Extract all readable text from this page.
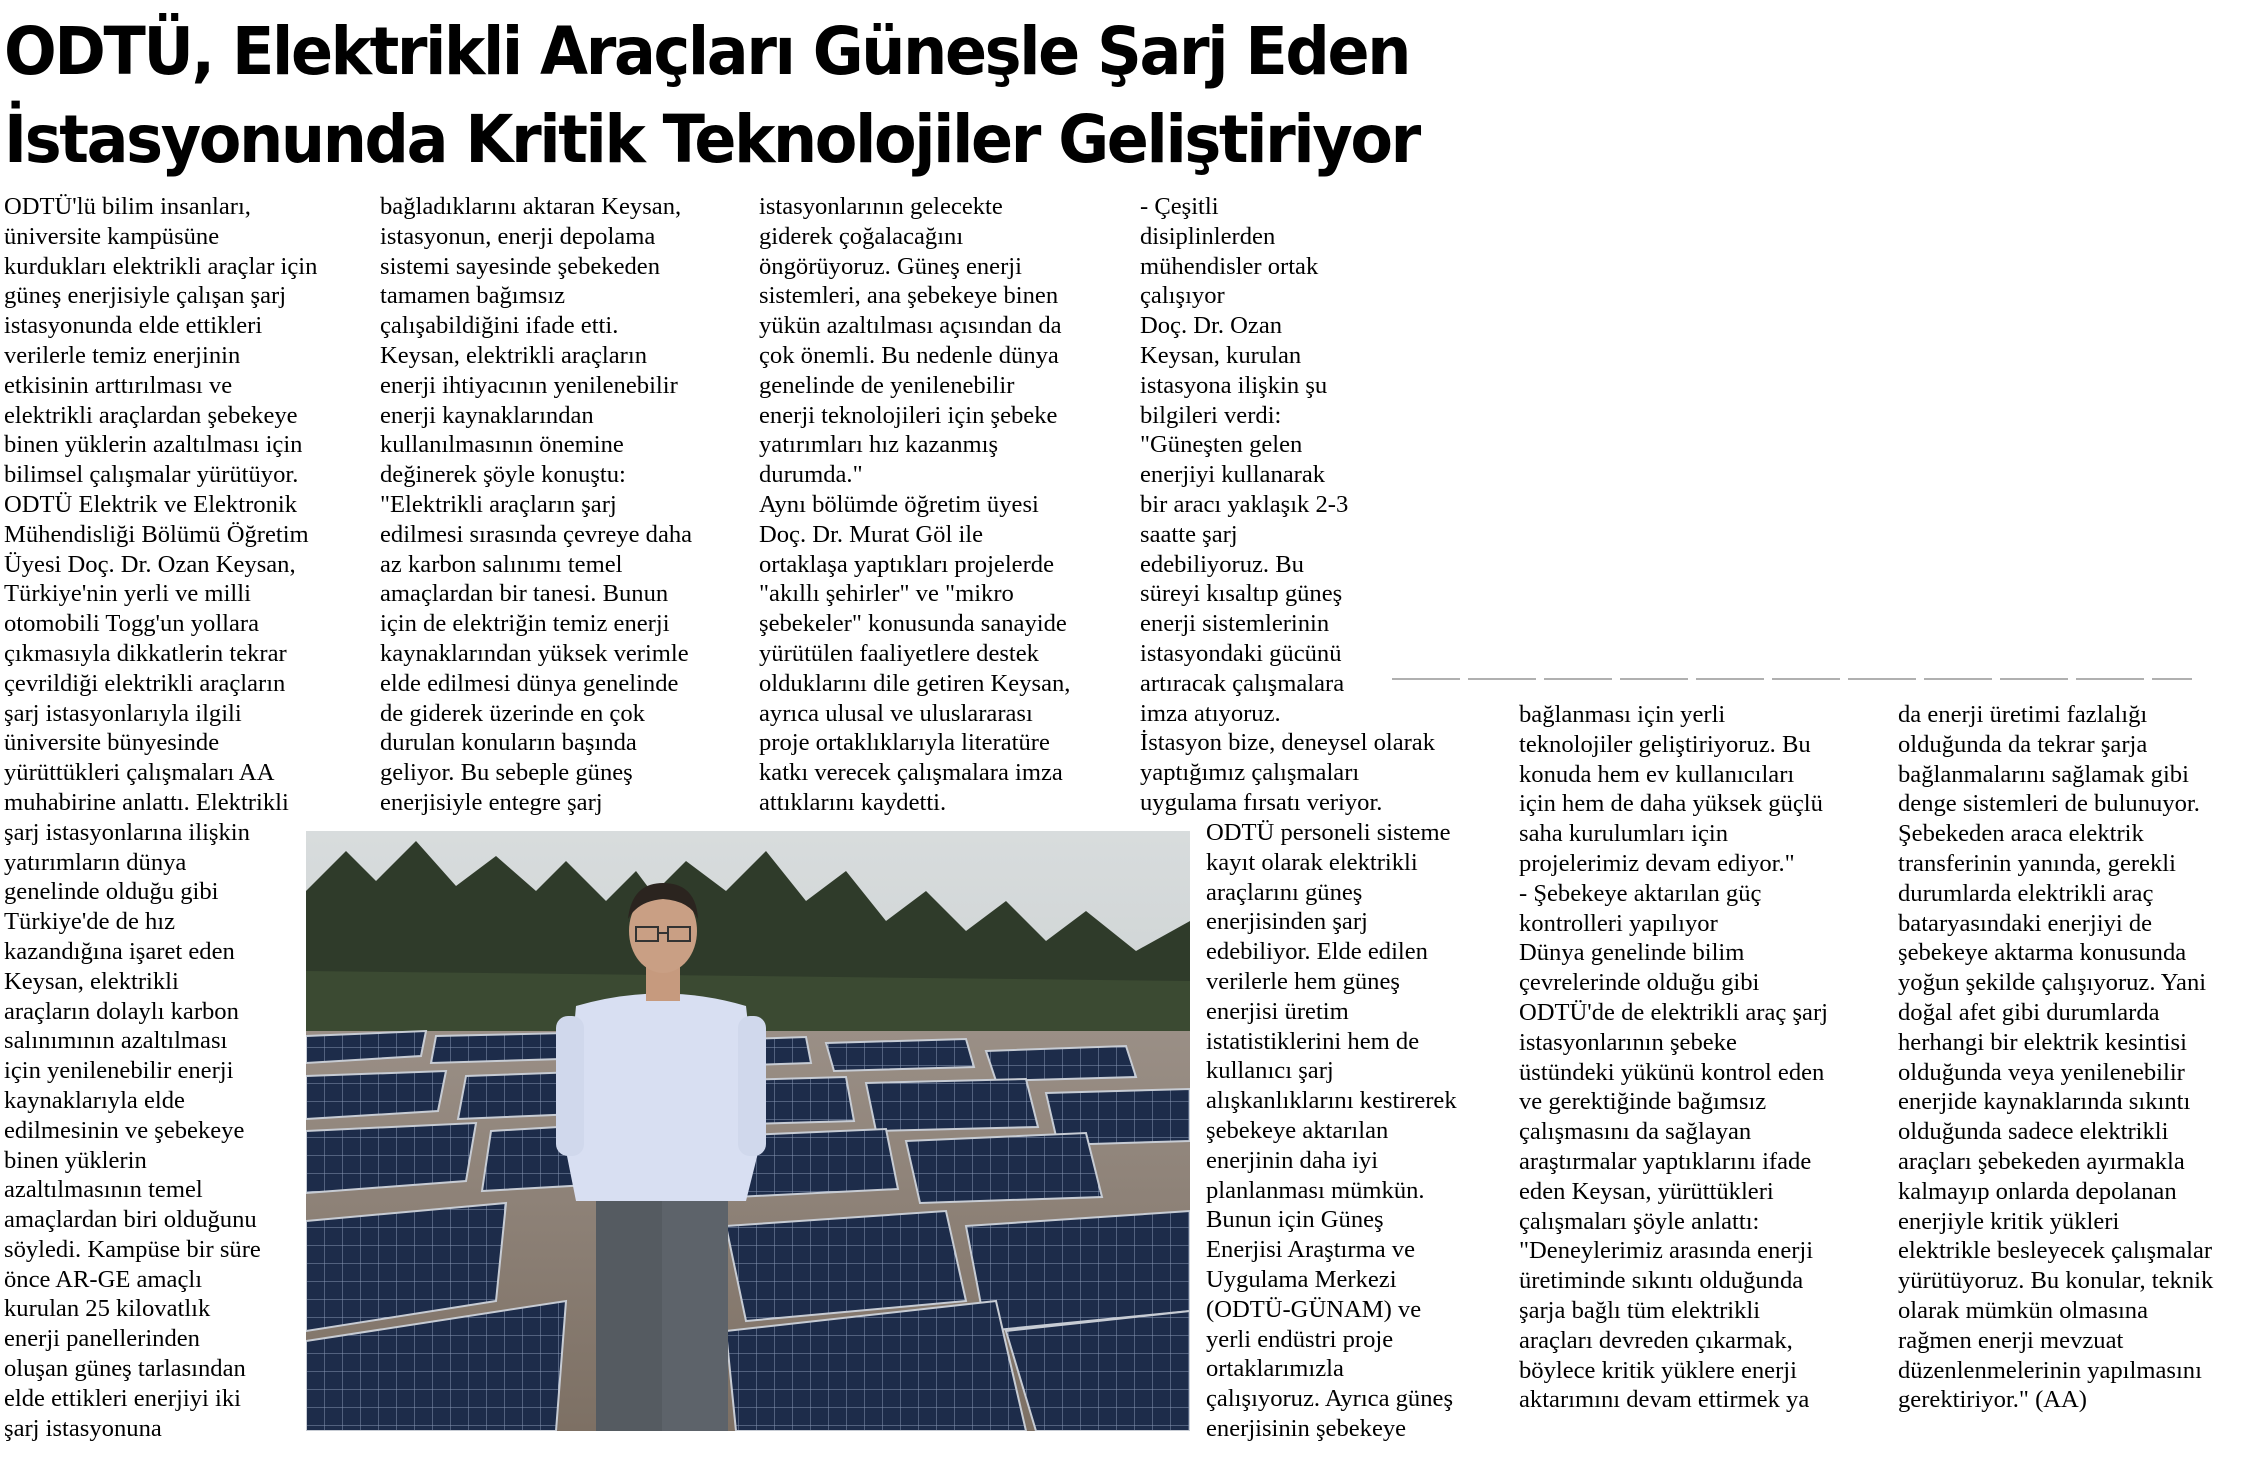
ODTÜ, Elektrikli Araçları Güneşle Şarj Eden
İstasyonunda Kritik Teknolojiler Geliştiriyor
ODTÜ'lü bilim insanları,
üniversite kampüsüne
kurdukları elektrikli araçlar için
güneş enerjisiyle çalışan şarj
istasyonunda elde ettikleri
verilerle temiz enerjinin
etkisinin arttırılması ve
elektrikli araçlardan şebekeye
binen yüklerin azaltılması için
bilimsel çalışmalar yürütüyor.
ODTÜ Elektrik ve Elektronik
Mühendisliği Bölümü Öğretim
Üyesi Doç. Dr. Ozan Keysan,
Türkiye'nin yerli ve milli
otomobili Togg'un yollara
çıkmasıyla dikkatlerin tekrar
çevrildiği elektrikli araçların
şarj istasyonlarıyla ilgili
üniversite bünyesinde
yürüttükleri çalışmaları AA
muhabirine anlattı. Elektrikli
şarj istasyonlarına ilişkin
yatırımların dünya
genelinde olduğu gibi
Türkiye'de de hız
kazandığına işaret eden
Keysan, elektrikli
araçların dolaylı karbon
salınımının azaltılması
için yenilenebilir enerji
kaynaklarıyla elde
edilmesinin ve şebekeye
binen yüklerin
azaltılmasının temel
amaçlardan biri olduğunu
söyledi. Kampüse bir süre
önce AR-GE amaçlı
kurulan 25 kilovatlık
enerji panellerinden
oluşan güneş tarlasından
elde ettikleri enerjiyi iki
şarj istasyonuna
bağladıklarını aktaran Keysan,
istasyonun, enerji depolama
sistemi sayesinde şebekeden
tamamen bağımsız
çalışabildiğini ifade etti.
Keysan, elektrikli araçların
enerji ihtiyacının yenilenebilir
enerji kaynaklarından
kullanılmasının önemine
değinerek şöyle konuştu:
"Elektrikli araçların şarj
edilmesi sırasında çevreye daha
az karbon salınımı temel
amaçlardan bir tanesi. Bunun
için de elektriğin temiz enerji
kaynaklarından yüksek verimle
elde edilmesi dünya genelinde
de giderek üzerinde en çok
durulan konuların başında
geliyor. Bu sebeple güneş
enerjisiyle entegre şarj
istasyonlarının gelecekte
giderek çoğalacağını
öngörüyoruz. Güneş enerji
sistemleri, ana şebekeye binen
yükün azaltılması açısından da
çok önemli. Bu nedenle dünya
genelinde de yenilenebilir
enerji teknolojileri için şebeke
yatırımları hız kazanmış
durumda."
Aynı bölümde öğretim üyesi
Doç. Dr. Murat Göl ile
ortaklaşa yaptıkları projelerde
"akıllı şehirler" ve "mikro
şebekeler" konusunda sanayide
yürütülen faaliyetlere destek
olduklarını dile getiren Keysan,
ayrıca ulusal ve uluslararası
proje ortaklıklarıyla literatüre
katkı verecek çalışmalara imza
attıklarını kaydetti.
- Çeşitli
disiplinlerden
mühendisler ortak
çalışıyor
Doç. Dr. Ozan
Keysan, kurulan
istasyona ilişkin şu
bilgileri verdi:
"Güneşten gelen
enerjiyi kullanarak
bir aracı yaklaşık 2-3
saatte şarj
edebiliyoruz. Bu
süreyi kısaltıp güneş
enerji sistemlerinin
istasyondaki gücünü
artıracak çalışmalara
imza atıyoruz.
İstasyon bize, deneysel olarak
yaptığımız çalışmaları
uygulama fırsatı veriyor.
ODTÜ personeli sisteme
kayıt olarak elektrikli
araçlarını güneş
enerjisinden şarj
edebiliyor. Elde edilen
verilerle hem güneş
enerjisi üretim
istatistiklerini hem de
kullanıcı şarj
alışkanlıklarını kestirerek
şebekeye aktarılan
enerjinin daha iyi
planlanması mümkün.
Bunun için Güneş
Enerjisi Araştırma ve
Uygulama Merkezi
(ODTÜ-GÜNAM) ve
yerli endüstri proje
ortaklarımızla
çalışıyoruz. Ayrıca güneş
enerjisinin şebekeye
bağlanması için yerli
teknolojiler geliştiriyoruz. Bu
konuda hem ev kullanıcıları
için hem de daha yüksek güçlü
saha kurulumları için
projelerimiz devam ediyor."
- Şebekeye aktarılan güç
kontrolleri yapılıyor
Dünya genelinde bilim
çevrelerinde olduğu gibi
ODTÜ'de de elektrikli araç şarj
istasyonlarının şebeke
üstündeki yükünü kontrol eden
ve gerektiğinde bağımsız
çalışmasını da sağlayan
araştırmalar yaptıklarını ifade
eden Keysan, yürüttükleri
çalışmaları şöyle anlattı:
"Deneylerimiz arasında enerji
üretiminde sıkıntı olduğunda
şarja bağlı tüm elektrikli
araçları devreden çıkarmak,
böylece kritik yüklere enerji
aktarımını devam ettirmek ya
da enerji üretimi fazlalığı
olduğunda da tekrar şarja
bağlanmalarını sağlamak gibi
denge sistemleri de bulunuyor.
Şebekeden araca elektrik
transferinin yanında, gerekli
durumlarda elektrikli araç
bataryasındaki enerjiyi de
şebekeye aktarma konusunda
yoğun şekilde çalışıyoruz. Yani
doğal afet gibi durumlarda
herhangi bir elektrik kesintisi
olduğunda veya yenilenebilir
enerjide kaynaklarında sıkıntı
olduğunda sadece elektrikli
araçları şebekeden ayırmakla
kalmayıp onlarda depolanan
enerjiyle kritik yükleri
elektrikle besleyecek çalışmalar
yürütüyoruz. Bu konular, teknik
olarak mümkün olmasına
rağmen enerji mevzuat
düzenlenmelerinin yapılmasını
gerektiriyor." (AA)
